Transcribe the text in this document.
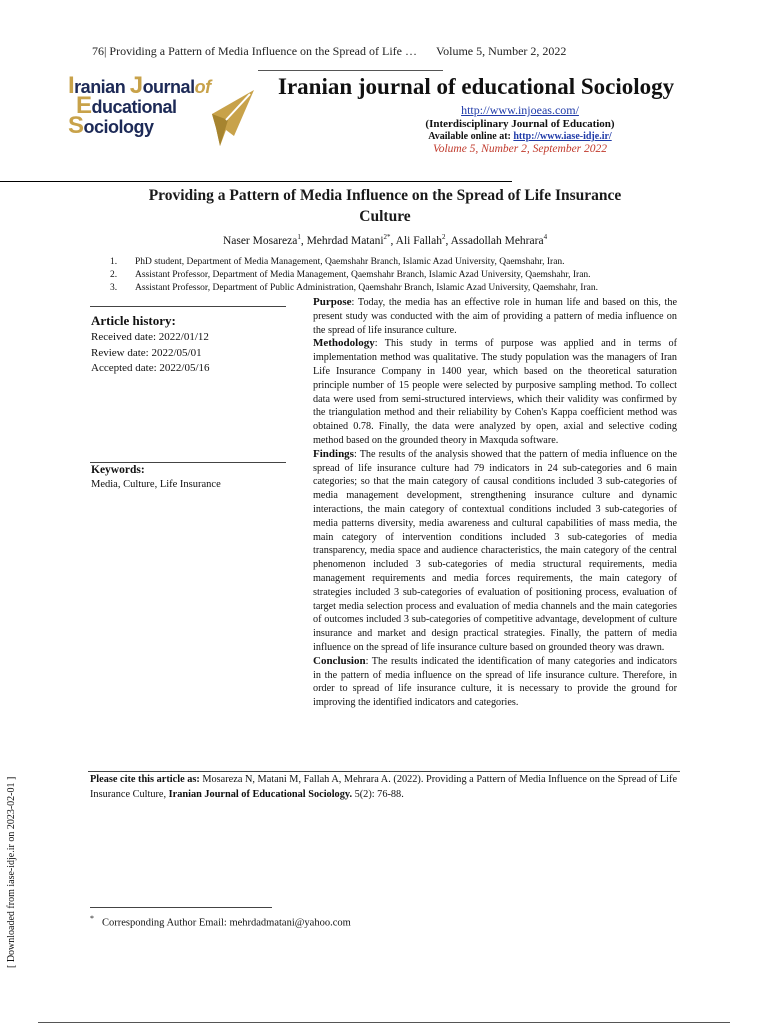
76| Providing a Pattern of Media Influence on the Spread of Life … Volume 5, Number 2, 2022
Iranian Journalof
Educational
Sociology
Iranian journal of educational Sociology
http://www.injoeas.com/
(Interdisciplinary Journal of Education)
Available online at: http://www.iase-idje.ir/
Volume 5, Number 2, September 2022
Providing a Pattern of Media Influence on the Spread of Life Insurance
Culture
Naser Mosareza$^1$, Mehrdad Matani$^{2*}$, Ali Fallah$^2$, Assadollah Mehrara$^4$
1.	PhD student, Department of Media Management, Qaemshahr Branch, Islamic Azad University, Qaemshahr, Iran.
2.	Assistant Professor, Department of Media Management, Qaemshahr Branch, Islamic Azad University, Qaemshahr, Iran.
3.	Assistant Professor, Department of Public Administration, Qaemshahr Branch, Islamic Azad University, Qaemshahr, Iran.
Article history:
Received date: 2022/01/12
Review date: 2022/05/01
Accepted date: 2022/05/16
Keywords:
Media, Culture, Life Insurance

Purpose: Today, the media has an effective role in human life and based on this, the present study was conducted with the aim of providing a pattern of media influence on the spread of life insurance culture.

Methodology: This study in terms of purpose was applied and in terms of implementation method was qualitative. The study population was the managers of Iran Life Insurance Company in 1400 year, which based on the theoretical saturation principle number of 15 people were selected by purposive sampling method. To collect data were used from semi-structured interviews, which their validity was confirmed by the triangulation method and their reliability by Cohen's Kappa coefficient method was obtained 0.78. Finally, the data were analyzed by open, axial and selective coding method based on the grounded theory in Maxquda software.

Findings: The results of the analysis showed that the pattern of media influence on the spread of life insurance culture had 79 indicators in 24 sub-categories and 6 main categories; so that the main category of causal conditions included 3 sub-categories of media management development, strengthening insurance culture and dynamic interactions, the main category of contextual conditions included 3 sub-categories of media patterns diversity, media awareness and cultural capabilities of mass media, the main category of intervention conditions included 3 sub-categories of media transparency, media space and audience characteristics, the main category of the central phenomenon included 3 sub-categories of media structural requirements, media management requirements and media forces requirements, the main category of strategies included 3 sub-categories of evaluation of positioning process, evaluation of target media selection process and evaluation of media channels and the main categories of outcomes included 3 sub-categories of competitive advantage, development of culture insurance and market and design practical strategies. Finally, the pattern of media influence on the spread of life insurance culture based on grounded theory was drawn.

Conclusion: The results indicated the identification of many categories and indicators in the pattern of media influence on the spread of life insurance culture. Therefore, in order to spread of life insurance culture, it is necessary to provide the ground for improving the identified indicators and categories.

Please cite this article as: Mosareza N, Matani M, Fallah A, Mehrara A. (2022). Providing a Pattern of Media Influence on the Spread of Life Insurance Culture, Iranian Journal of Educational Sociology. 5(2): 76-88.
* Corresponding Author Email: mehrdadmatani@yahoo.com
[ Downloaded from iase-idje.ir on 2023-02-01 ]
